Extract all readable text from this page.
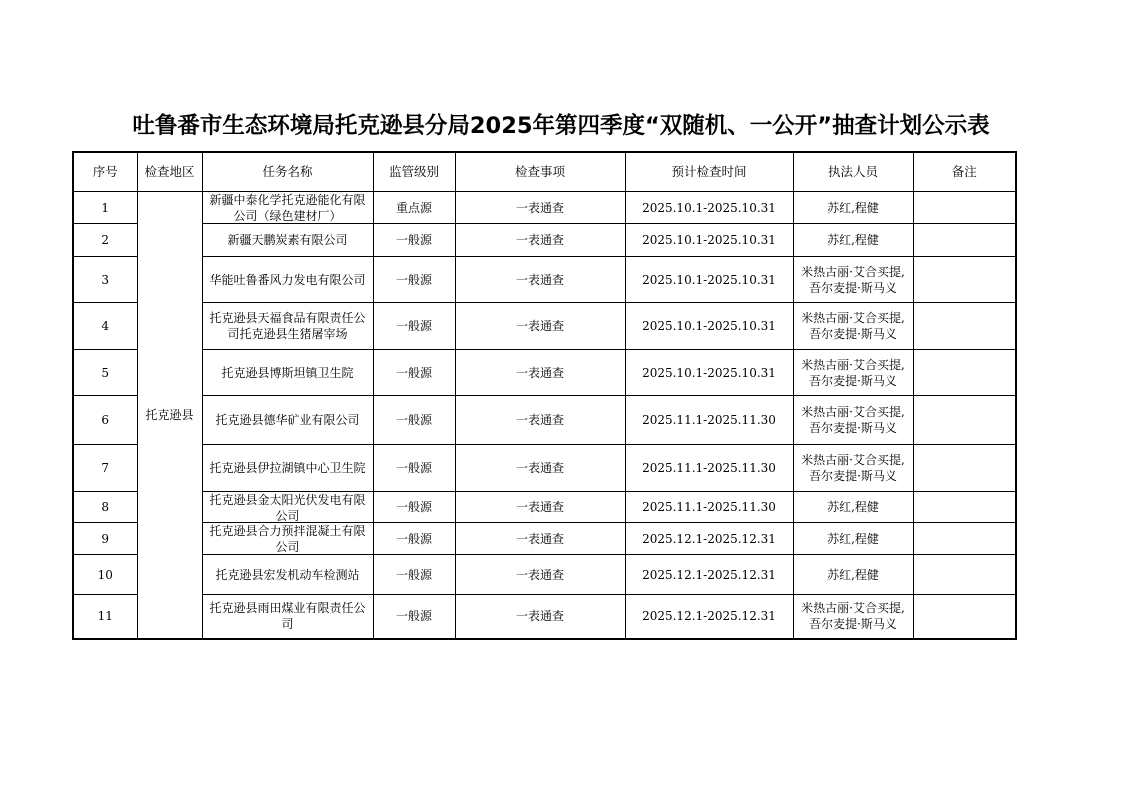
吐鲁番市生态环境局托克逊县分局2025年第四季度“双随机、一公开”抽查计划公示表
序号	检查地区	任务名称	监管级别	检查事项	预计检查时间	执法人员	备注

1	托克逊县	新疆中泰化学托克逊能化有限公司（绿色建材厂）	重点源	一表通查	2025.10.1-2025.10.31	苏红,程健	

2		新疆天鹏炭素有限公司	一般源	一表通查	2025.10.1-2025.10.31	苏红,程健	

3		华能吐鲁番风力发电有限公司	一般源	一表通查	2025.10.1-2025.10.31	米热古丽·艾合买提,吾尔麦提·斯马义	

4		托克逊县天福食品有限责任公司托克逊县生猪屠宰场	一般源	一表通查	2025.10.1-2025.10.31	米热古丽·艾合买提,吾尔麦提·斯马义	

5		托克逊县博斯坦镇卫生院	一般源	一表通查	2025.10.1-2025.10.31	米热古丽·艾合买提,吾尔麦提·斯马义	

6		托克逊县德华矿业有限公司	一般源	一表通查	2025.11.1-2025.11.30	米热古丽·艾合买提,吾尔麦提·斯马义	

7		托克逊县伊拉湖镇中心卫生院	一般源	一表通查	2025.11.1-2025.11.30	米热古丽·艾合买提,吾尔麦提·斯马义	

8		托克逊县金太阳光伏发电有限公司	一般源	一表通查	2025.11.1-2025.11.30	苏红,程健	

9		托克逊县合力预拌混凝土有限公司	一般源	一表通查	2025.12.1-2025.12.31	苏红,程健	

10		托克逊县宏发机动车检测站	一般源	一表通查	2025.12.1-2025.12.31	苏红,程健	

11		托克逊县雨田煤业有限责任公司	一般源	一表通查	2025.12.1-2025.12.31	米热古丽·艾合买提,吾尔麦提·斯马义	
